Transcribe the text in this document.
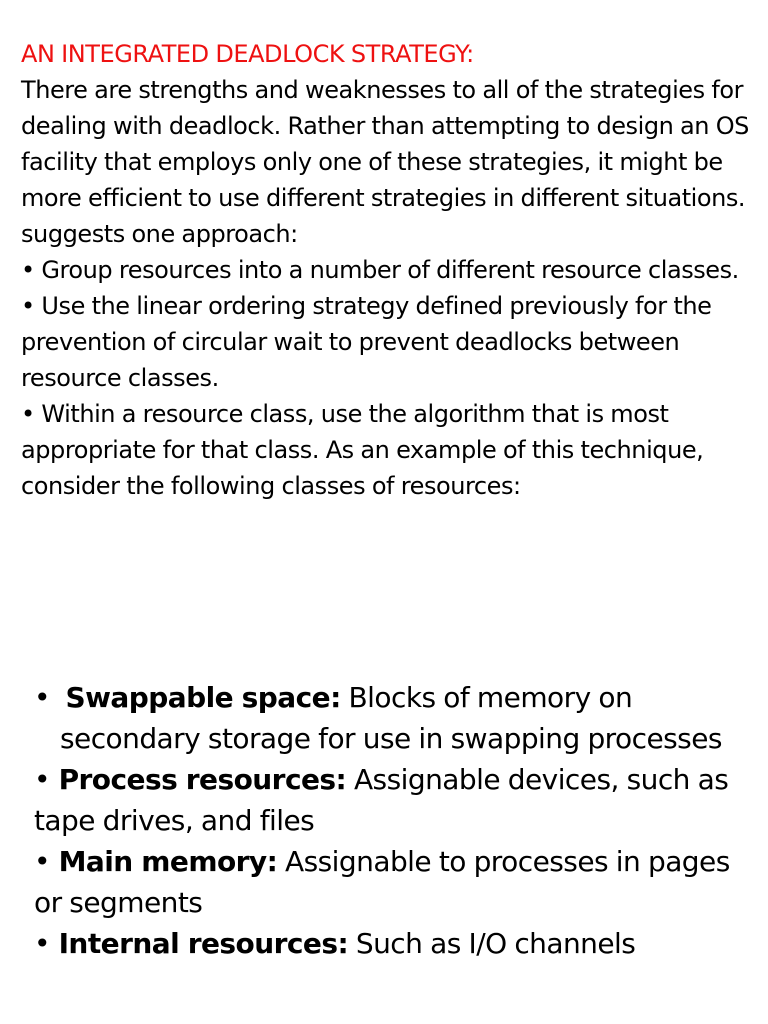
AN INTEGRATED DEADLOCK STRATEGY:

There are strengths and weaknesses to all of the strategies for dealing with deadlock. Rather than attempting to design an OS facility that employs only one of these strategies, it might be more efficient to use different strategies in different situations. suggests one approach:

• Group resources into a number of different resource classes.

• Use the linear ordering strategy defined previously for the prevention of circular wait to prevent deadlocks between resource classes.

• Within a resource class, use the algorithm that is most appropriate for that class. As an example of this technique, consider the following classes of resources:

• Swappable space: Blocks of memory on secondary storage for use in swapping processes

• Process resources: Assignable devices, such as tape drives, and files

• Main memory: Assignable to processes in pages or segments

• Internal resources: Such as I/O channels
